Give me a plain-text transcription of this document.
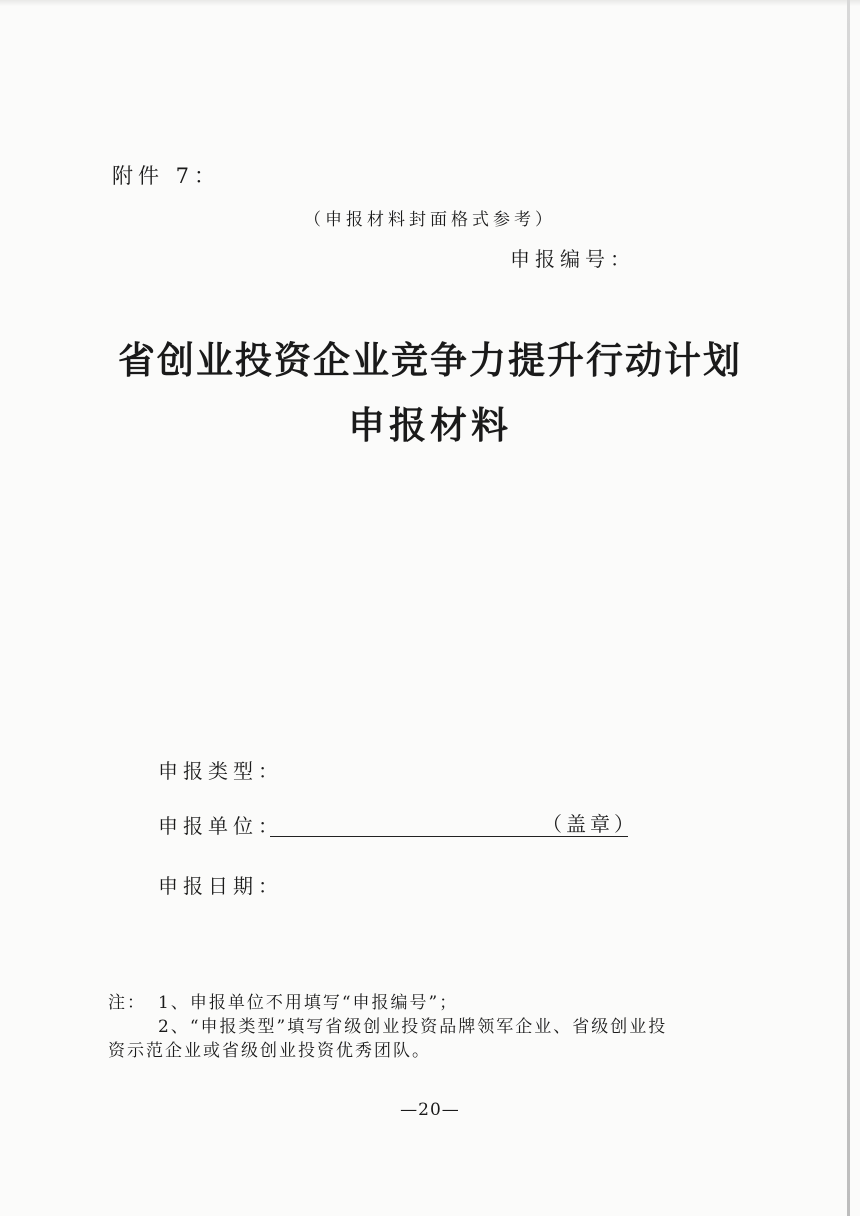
附件 7：
（申报材料封面格式参考）
申报编号：
省创业投资企业竞争力提升行动计划
申报材料
申报类型：
申报单位：	（盖章）
申报日期：
注： 1、申报单位不用填写“申报编号”；
2、“申报类型”填写省级创业投资品牌领军企业、省级创业投
资示范企业或省级创业投资优秀团队。
—20—
